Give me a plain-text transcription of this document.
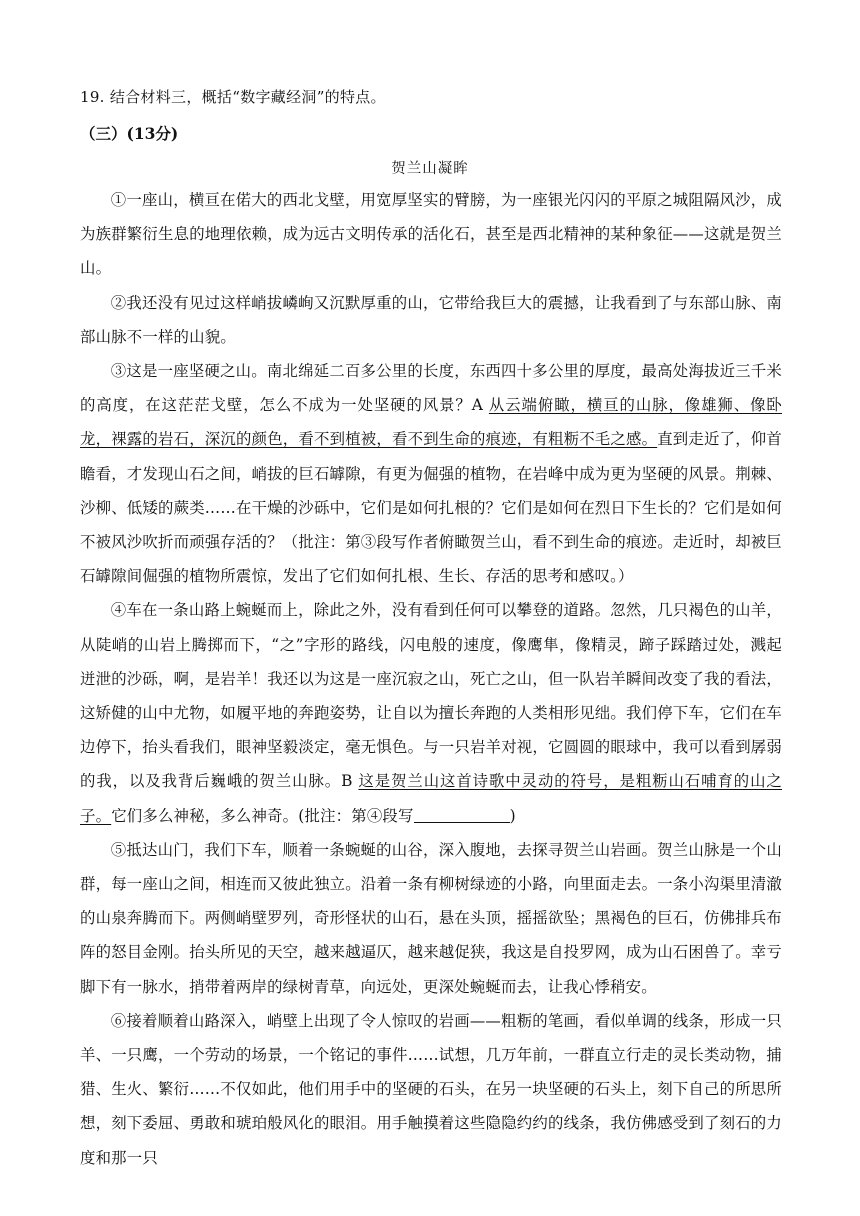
19. 结合材料三，概括“数字藏经洞”的特点。
（三）(13分)
贺兰山凝眸

①一座山，横亘在偌大的西北戈壁，用宽厚坚实的臂膀，为一座银光闪闪的平原之城阻隔风沙，成为族群繁衍生息的地理依赖，成为远古文明传承的活化石，甚至是西北精神的某种象征——这就是贺兰山。

②我还没有见过这样峭拔嶙峋又沉默厚重的山，它带给我巨大的震撼，让我看到了与东部山脉、南部山脉不一样的山貌。

③这是一座坚硬之山。南北绵延二百多公里的长度，东西四十多公里的厚度，最高处海拔近三千米的高度，在这茫茫戈壁，怎么不成为一处坚硬的风景？A 从云端俯瞰，横亘的山脉，像雄狮、像卧龙，裸露的岩石，深沉的颜色，看不到植被，看不到生命的痕迹，有粗粝不毛之感。直到走近了，仰首瞻看，才发现山石之间，峭拔的巨石罅隙，有更为倔强的植物，在岩峰中成为更为坚硬的风景。荆棘、沙柳、低矮的蕨类……在干燥的沙砾中，它们是如何扎根的？它们是如何在烈日下生长的？它们是如何不被风沙吹折而顽强存活的？（批注：第③段写作者俯瞰贺兰山，看不到生命的痕迹。走近时，却被巨石罅隙间倔强的植物所震惊，发出了它们如何扎根、生长、存活的思考和感叹。）

④车在一条山路上蜿蜒而上，除此之外，没有看到任何可以攀登的道路。忽然，几只褐色的山羊，从陡峭的山岩上腾掷而下，“之”字形的路线，闪电般的速度，像鹰隼，像精灵，蹄子踩踏过处，溅起迸泄的沙砾，啊，是岩羊！我还以为这是一座沉寂之山，死亡之山，但一队岩羊瞬间改变了我的看法，这矫健的山中尤物，如履平地的奔跑姿势，让自以为擅长奔跑的人类相形见绌。我们停下车，它们在车边停下，抬头看我们，眼神坚毅淡定，毫无惧色。与一只岩羊对视，它圆圆的眼球中，我可以看到孱弱的我，以及我背后巍峨的贺兰山脉。B 这是贺兰山这首诗歌中灵动的符号，是粗粝山石哺育的山之子。它们多么神秘，多么神奇。(批注：第④段写	)

⑤抵达山门，我们下车，顺着一条蜿蜒的山谷，深入腹地，去探寻贺兰山岩画。贺兰山脉是一个山群，每一座山之间，相连而又彼此独立。沿着一条有柳树绿迹的小路，向里面走去。一条小沟渠里清澈的山泉奔腾而下。两侧峭壁罗列，奇形怪状的山石，悬在头顶，摇摇欲坠；黑褐色的巨石，仿佛排兵布阵的怒目金刚。抬头所见的天空，越来越逼仄，越来越促狭，我这是自投罗网，成为山石困兽了。幸亏脚下有一脉水，捎带着两岸的绿树青草，向远处，更深处蜿蜒而去，让我心悸稍安。

⑥接着顺着山路深入，峭壁上出现了令人惊叹的岩画——粗粝的笔画，看似单调的线条，形成一只羊、一只鹰，一个劳动的场景，一个铭记的事件……试想，几万年前，一群直立行走的灵长类动物，捕猎、生火、繁衍……不仅如此，他们用手中的坚硬的石头，在另一块坚硬的石头上，刻下自己的所思所想，刻下委屈、勇敢和琥珀般风化的眼泪。用手触摸着这些隐隐约约的线条，我仿佛感受到了刻石的力度和那一只
